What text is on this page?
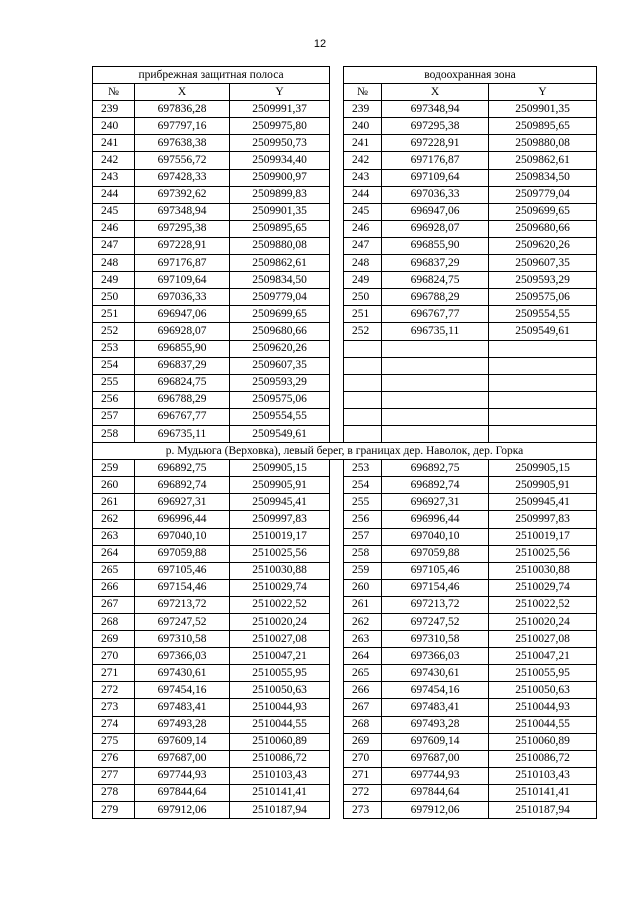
12
прибрежная защитная полоса				водоохранная зона		
№	X	Y		№	X	Y
239	697836,28	2509991,37		239	697348,94	2509901,35
240	697797,16	2509975,80		240	697295,38	2509895,65
241	697638,38	2509950,73		241	697228,91	2509880,08
242	697556,72	2509934,40		242	697176,87	2509862,61
243	697428,33	2509900,97		243	697109,64	2509834,50
244	697392,62	2509899,83		244	697036,33	2509779,04
245	697348,94	2509901,35		245	696947,06	2509699,65
246	697295,38	2509895,65		246	696928,07	2509680,66
247	697228,91	2509880,08		247	696855,90	2509620,26
248	697176,87	2509862,61		248	696837,29	2509607,35
249	697109,64	2509834,50		249	696824,75	2509593,29
250	697036,33	2509779,04		250	696788,29	2509575,06
251	696947,06	2509699,65		251	696767,77	2509554,55
252	696928,07	2509680,66		252	696735,11	2509549,61
253	696855,90	2509620,26				
254	696837,29	2509607,35				
255	696824,75	2509593,29				
256	696788,29	2509575,06				
257	696767,77	2509554,55				
258	696735,11	2509549,61				
р. Мудьюга (Верховка), левый берег, в границах дер. Наволок, дер. Горка						
259	696892,75	2509905,15		253	696892,75	2509905,15
260	696892,74	2509905,91		254	696892,74	2509905,91
261	696927,31	2509945,41		255	696927,31	2509945,41
262	696996,44	2509997,83		256	696996,44	2509997,83
263	697040,10	2510019,17		257	697040,10	2510019,17
264	697059,88	2510025,56		258	697059,88	2510025,56
265	697105,46	2510030,88		259	697105,46	2510030,88
266	697154,46	2510029,74		260	697154,46	2510029,74
267	697213,72	2510022,52		261	697213,72	2510022,52
268	697247,52	2510020,24		262	697247,52	2510020,24
269	697310,58	2510027,08		263	697310,58	2510027,08
270	697366,03	2510047,21		264	697366,03	2510047,21
271	697430,61	2510055,95		265	697430,61	2510055,95
272	697454,16	2510050,63		266	697454,16	2510050,63
273	697483,41	2510044,93		267	697483,41	2510044,93
274	697493,28	2510044,55		268	697493,28	2510044,55
275	697609,14	2510060,89		269	697609,14	2510060,89
276	697687,00	2510086,72		270	697687,00	2510086,72
277	697744,93	2510103,43		271	697744,93	2510103,43
278	697844,64	2510141,41		272	697844,64	2510141,41
279	697912,06	2510187,94		273	697912,06	2510187,94
